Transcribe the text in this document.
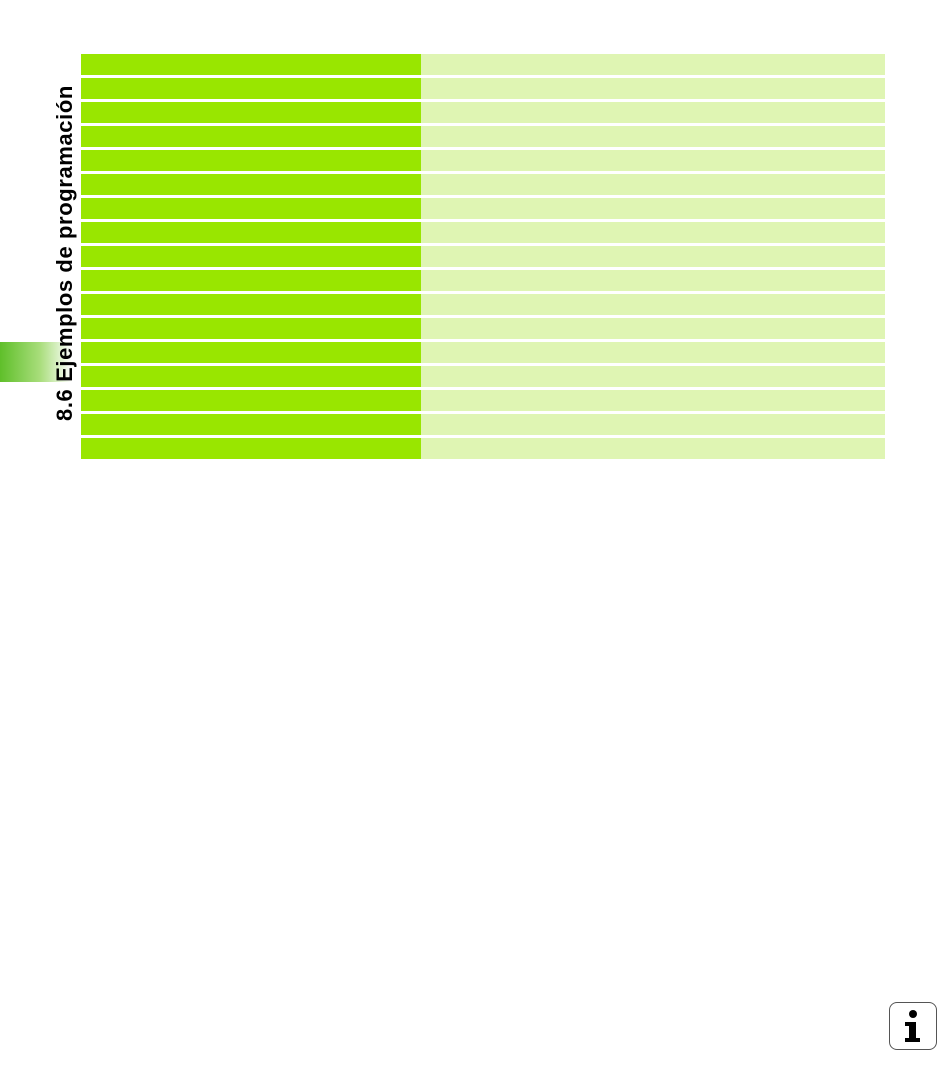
8.6 Ejemplos de programación
